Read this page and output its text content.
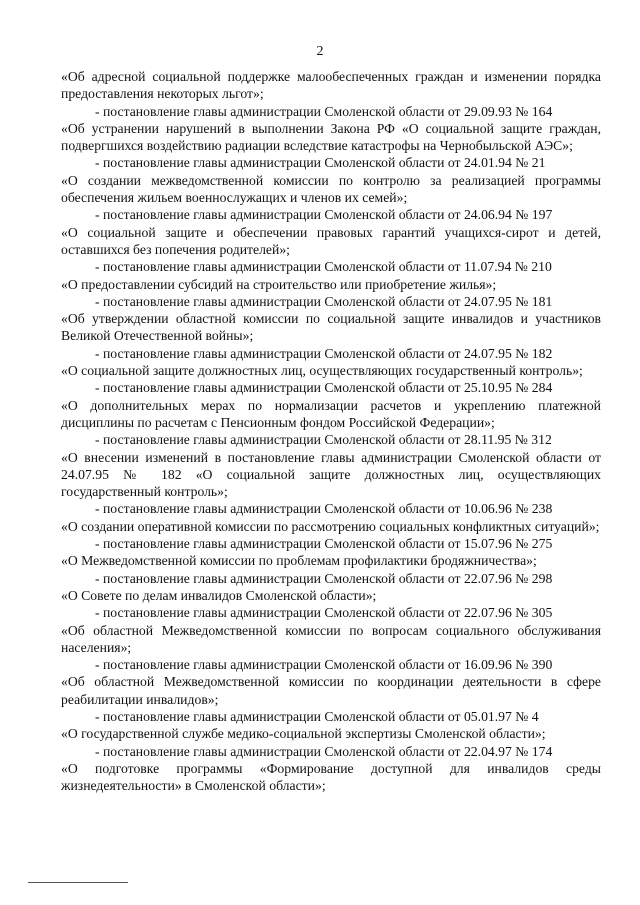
2

«Об адресной социальной поддержке малообеспеченных граждан и изменении порядка предоставления некоторых льгот»;

- постановление главы администрации Смоленской области от 29.09.93 № 164

«Об устранении нарушений в выполнении Закона РФ «О социальной защите граждан, подвергшихся воздействию радиации вследствие катастрофы на Чернобыльской АЭС»;

- постановление главы администрации Смоленской области от 24.01.94 № 21

«О создании межведомственной комиссии по контролю за реализацией программы обеспечения жильем военнослужащих и членов их семей»;

- постановление главы администрации Смоленской области от 24.06.94 № 197

«О социальной защите и обеспечении правовых гарантий учащихся-сирот и детей, оставшихся без попечения родителей»;

- постановление главы администрации Смоленской области от 11.07.94 № 210

«О предоставлении субсидий на строительство или приобретение жилья»;

- постановление главы администрации Смоленской области от 24.07.95 № 181

«Об утверждении областной комиссии по социальной защите инвалидов и участников Великой Отечественной войны»;

- постановление главы администрации Смоленской области от 24.07.95 № 182

«О социальной защите должностных лиц, осуществляющих государственный контроль»;

- постановление главы администрации Смоленской области от 25.10.95 № 284

«О дополнительных мерах по нормализации расчетов и укреплению платежной дисциплины по расчетам с Пенсионным фондом Российской Федерации»;

- постановление главы администрации Смоленской области от 28.11.95 № 312

«О внесении изменений в постановление главы администрации Смоленской области от 24.07.95 № 182 «О социальной защите должностных лиц, осуществляющих государственный контроль»;

- постановление главы администрации Смоленской области от 10.06.96 № 238

«О создании оперативной комиссии по рассмотрению социальных конфликтных ситуаций»;

- постановление главы администрации Смоленской области от 15.07.96 № 275

«О Межведомственной комиссии по проблемам профилактики бродяжничества»;

- постановление главы администрации Смоленской области от 22.07.96 № 298

«О Совете по делам инвалидов Смоленской области»;

- постановление главы администрации Смоленской области от 22.07.96 № 305

«Об областной Межведомственной комиссии по вопросам социального обслуживания населения»;

- постановление главы администрации Смоленской области от 16.09.96 № 390

«Об областной Межведомственной комиссии по координации деятельности в сфере реабилитации инвалидов»;

- постановление главы администрации Смоленской области от 05.01.97 № 4

«О государственной службе медико-социальной экспертизы Смоленской области»;

- постановление главы администрации Смоленской области от 22.04.97 № 174

«О подготовке программы «Формирование доступной для инвалидов среды жизнедеятельности» в Смоленской области»;
